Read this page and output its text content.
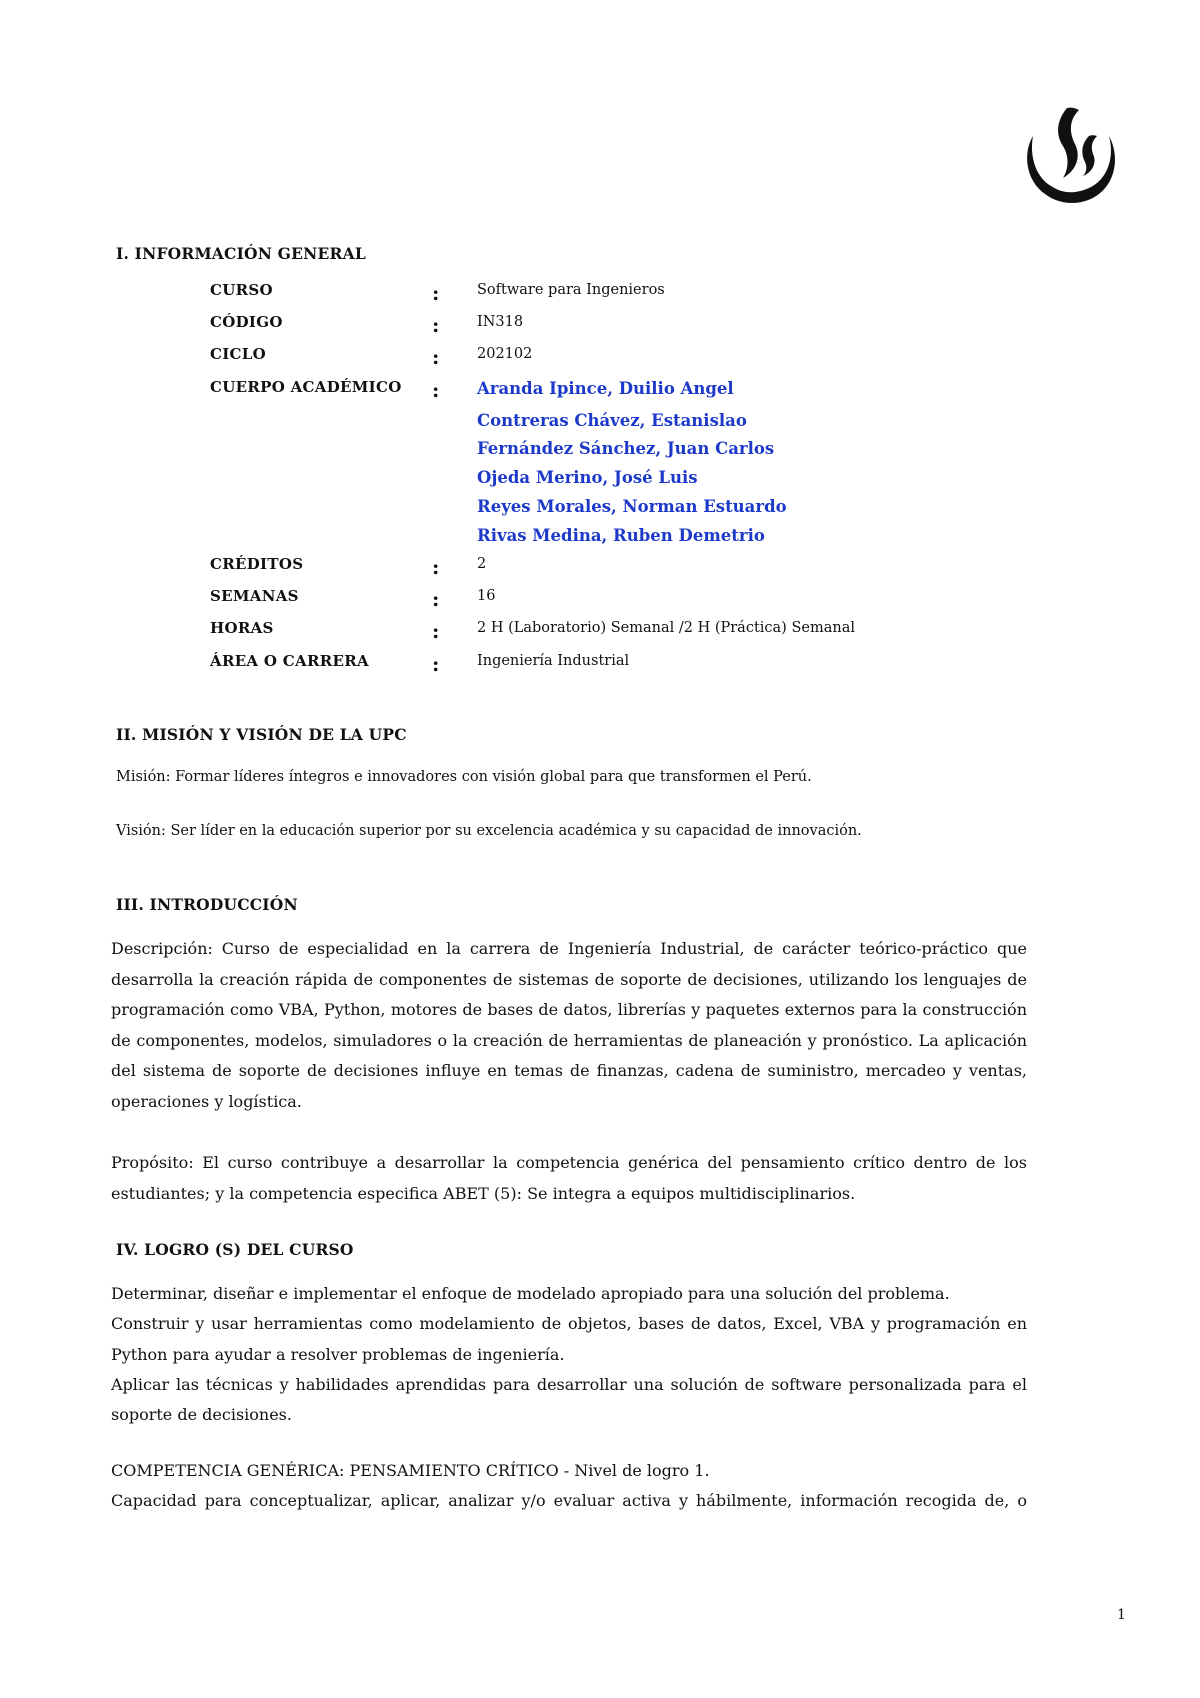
I. INFORMACIÓN GENERAL
CURSO	:	Software para Ingenieros
CÓDIGO	:	IN318
CICLO	:	202102
CUERPO ACADÉMICO : Aranda Ipince, Duilio Angel
Contreras Chávez, Estanislao
Fernández Sánchez, Juan Carlos
Ojeda Merino, José Luis
Reyes Morales, Norman Estuardo
Rivas Medina, Ruben Demetrio
CRÉDITOS	:	2
SEMANAS	:	16
HORAS	:	2 H (Laboratorio) Semanal /2 H (Práctica) Semanal
ÁREA O CARRERA	:	Ingeniería Industrial
II. MISIÓN Y VISIÓN DE LA UPC
Misión: Formar líderes íntegros e innovadores con visión global para que transformen el Perú.
Visión: Ser líder en la educación superior por su excelencia académica y su capacidad de innovación.
III. INTRODUCCIÓN
Descripción: Curso de especialidad en la carrera de Ingeniería Industrial, de carácter teórico-práctico que desarrolla la creación rápida de componentes de sistemas de soporte de decisiones, utilizando los lenguajes de programación como VBA, Python, motores de bases de datos, librerías y paquetes externos para la construcción de componentes, modelos, simuladores o la creación de herramientas de planeación y pronóstico. La aplicación del sistema de soporte de decisiones influye en temas de finanzas, cadena de suministro, mercadeo y ventas, operaciones y logística.
Propósito: El curso contribuye a desarrollar la competencia genérica del pensamiento crítico dentro de los estudiantes; y la competencia especifica ABET (5): Se integra a equipos multidisciplinarios.
IV. LOGRO (S) DEL CURSO
Determinar, diseñar e implementar el enfoque de modelado apropiado para una solución del problema.
Construir y usar herramientas como modelamiento de objetos, bases de datos, Excel, VBA y programación en
Python para ayudar a resolver problemas de ingeniería.
Aplicar las técnicas y habilidades aprendidas para desarrollar una solución de software personalizada para el
soporte de decisiones.
COMPETENCIA GENÉRICA: PENSAMIENTO CRÍTICO - Nivel de logro 1.
Capacidad para conceptualizar, aplicar, analizar y/o evaluar activa y hábilmente, información recogida de, o
1
